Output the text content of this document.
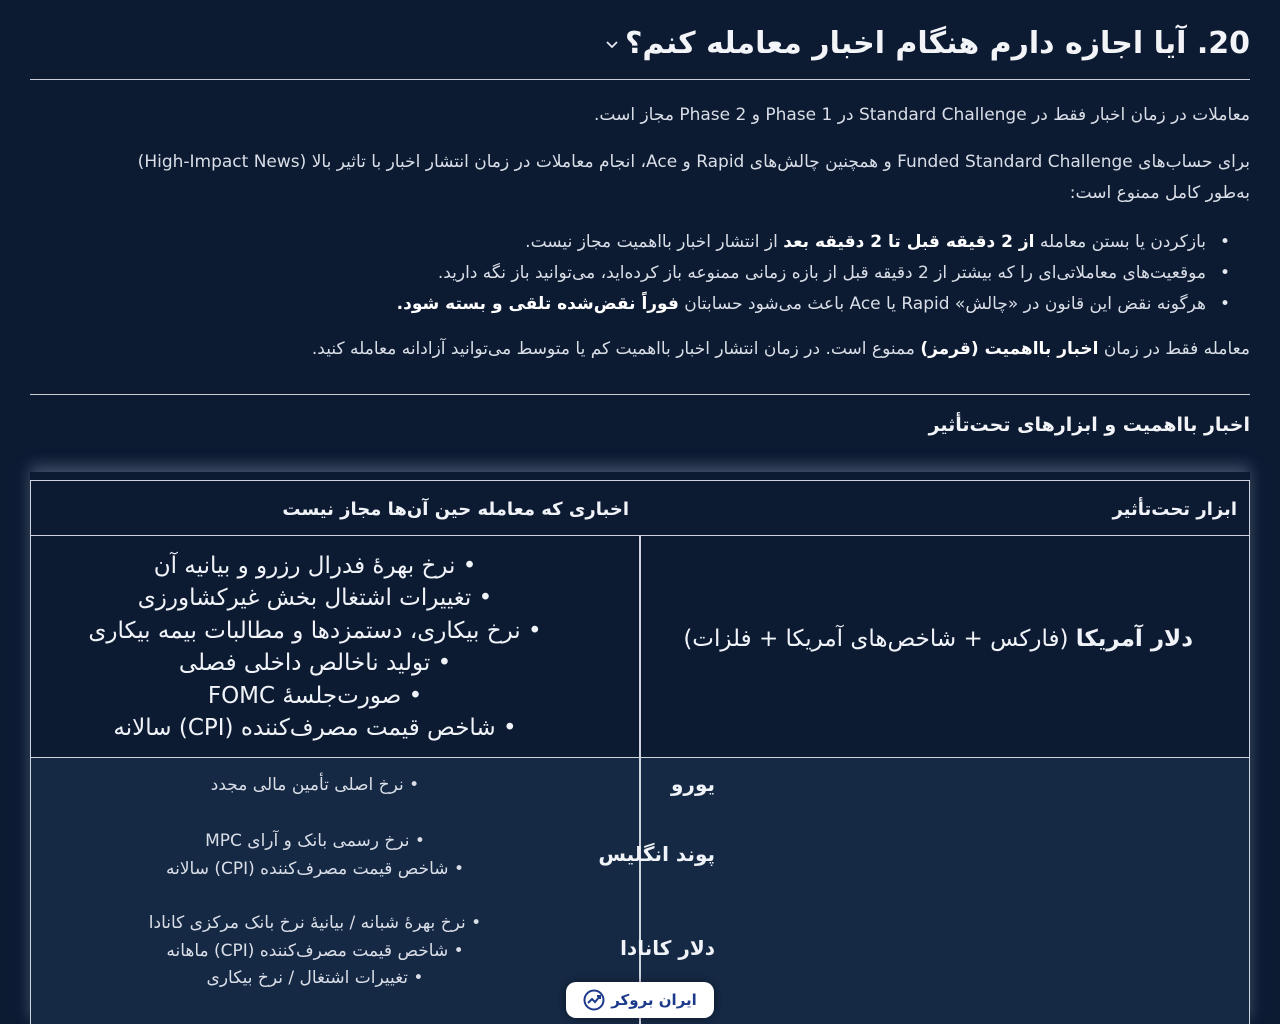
20. آیا اجازه دارم هنگام اخبار معامله کنم؟

معاملات در زمان اخبار فقط در Standard Challenge در Phase 1 و Phase 2 مجاز است.

برای حساب‌های Funded Standard Challenge و همچنین چالش‌های Rapid و Ace، انجام معاملات در زمان انتشار اخبار با تاثیر بالا (High-Impact News)
به‌طور کامل ممنوع است:

• بازکردن یا بستن معامله از 2 دقیقه قبل تا 2 دقیقه بعد از انتشار اخبار بااهمیت مجاز نیست.
• موقعیت‌های معاملاتی‌ای را که بیشتر از 2 دقیقه قبل از بازه زمانی ممنوعه باز کرده‌اید، می‌توانید باز نگه دارید.
• هرگونه نقض این قانون در «چالش» Rapid یا Ace باعث می‌شود حسابتان فوراً نقض‌شده تلقی و بسته شود.

معامله فقط در زمان اخبار بااهمیت (قرمز) ممنوع است. در زمان انتشار اخبار بااهمیت کم یا متوسط می‌توانید آزادانه معامله کنید.

اخبار بااهمیت و ابزارهای تحت‌تأثیر
ابزار تحت‌تأثیر
اخباری که معامله حین آن‌ها مجاز نیست
دلار آمریکا (فارکس + شاخص‌های آمریکا + فلزات)
• نرخ بهرهٔ فدرال رزرو و بیانیه آن
• تغییرات اشتغال بخش غیرکشاورزی
• نرخ بیکاری، دستمزدها و مطالبات بیمه بیکاری
• تولید ناخالص داخلی فصلی
• صورت‌جلسهٔ FOMC
• شاخص قیمت مصرف‌کننده (CPI) سالانه
یورو
• نرخ اصلی تأمین مالی مجدد
پوند انگلیس
• نرخ رسمی بانک و آرای MPC
• شاخص قیمت مصرف‌کننده (CPI) سالانه
دلار کانادا
• نرخ بهرهٔ شبانه / بیانیهٔ نرخ بانک مرکزی کانادا
• شاخص قیمت مصرف‌کننده (CPI) ماهانه
• تغییرات اشتغال / نرخ بیکاری
ایران بروکر
